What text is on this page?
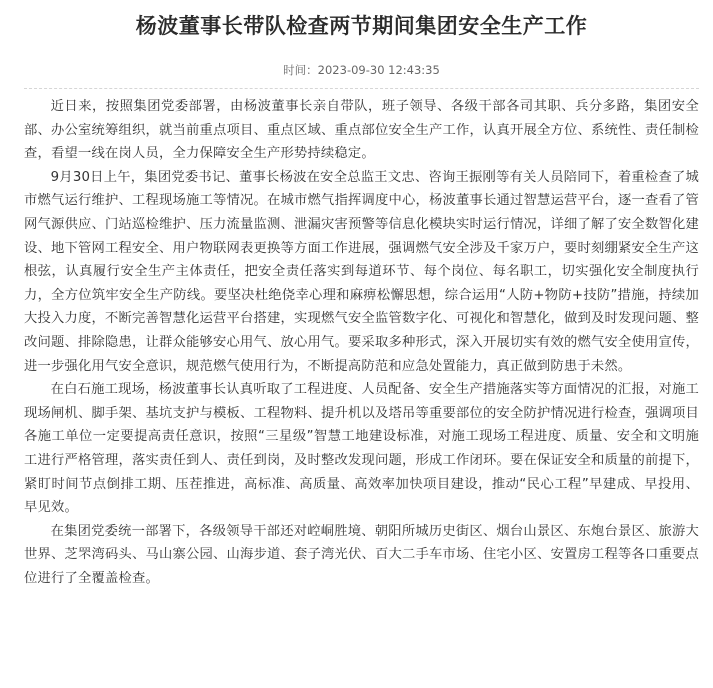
杨波董事长带队检查两节期间集团安全生产工作
时间：2023-09-30 12:43:35

近日来，按照集团党委部署，由杨波董事长亲自带队，班子领导、各级干部各司其职、兵分多路，集团安全部、办公室统筹组织，就当前重点项目、重点区域、重点部位安全生产工作，认真开展全方位、系统性、责任制检查，看望一线在岗人员，全力保障安全生产形势持续稳定。

9月30日上午，集团党委书记、董事长杨波在安全总监王文忠、咨询王振刚等有关人员陪同下，着重检查了城市燃气运行维护、工程现场施工等情况。在城市燃气指挥调度中心，杨波董事长通过智慧运营平台，逐一查看了管网气源供应、门站巡检维护、压力流量监测、泄漏灾害预警等信息化模块实时运行情况，详细了解了安全数智化建设、地下管网工程安全、用户物联网表更换等方面工作进展，强调燃气安全涉及千家万户，要时刻绷紧安全生产这根弦，认真履行安全生产主体责任，把安全责任落实到每道环节、每个岗位、每名职工，切实强化安全制度执行力，全方位筑牢安全生产防线。要坚决杜绝侥幸心理和麻痹松懈思想，综合运用“人防+物防+技防”措施，持续加大投入力度，不断完善智慧化运营平台搭建，实现燃气安全监管数字化、可视化和智慧化，做到及时发现问题、整改问题、排除隐患，让群众能够安心用气、放心用气。要采取多种形式，深入开展切实有效的燃气安全使用宣传，进一步强化用气安全意识，规范燃气使用行为，不断提高防范和应急处置能力，真正做到防患于未然。

在白石施工现场，杨波董事长认真听取了工程进度、人员配备、安全生产措施落实等方面情况的汇报，对施工现场闸机、脚手架、基坑支护与模板、工程物料、提升机以及塔吊等重要部位的安全防护情况进行检查，强调项目各施工单位一定要提高责任意识，按照“三星级”智慧工地建设标准，对施工现场工程进度、质量、安全和文明施工进行严格管理，落实责任到人、责任到岗，及时整改发现问题，形成工作闭环。要在保证安全和质量的前提下，紧盯时间节点倒排工期、压茬推进，高标准、高质量、高效率加快项目建设，推动“民心工程”早建成、早投用、早见效。

在集团党委统一部署下，各级领导干部还对崆峒胜境、朝阳所城历史街区、烟台山景区、东炮台景区、旅游大世界、芝罘湾码头、马山寨公园、山海步道、套子湾光伏、百大二手车市场、住宅小区、安置房工程等各口重要点位进行了全覆盖检查。
